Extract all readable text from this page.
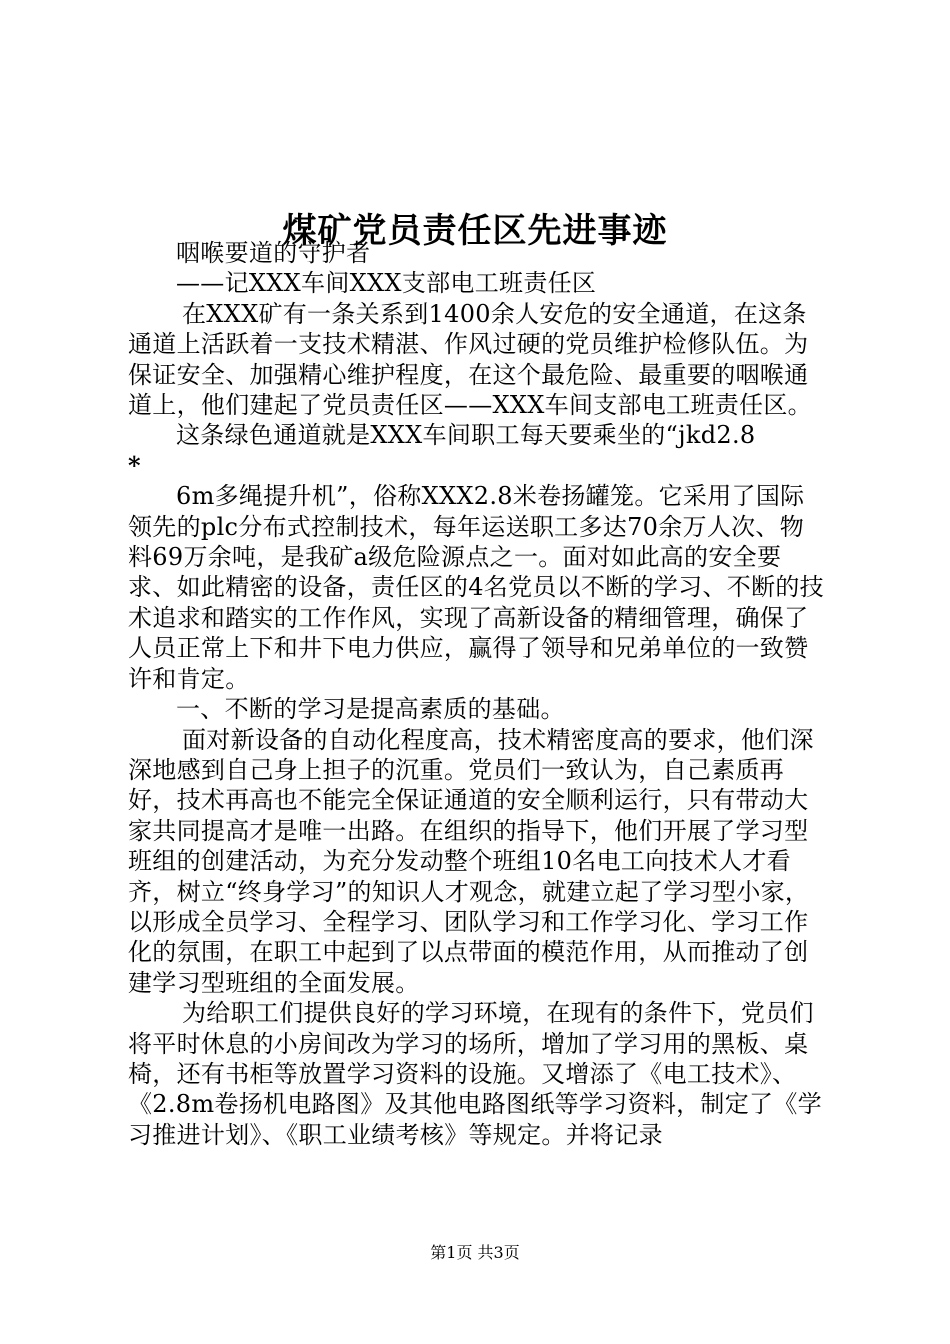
煤矿党员责任区先进事迹

咽喉要道的守护者

——记XXX车间XXX支部电工班责任区

在XXX矿有一条关系到1400余人安危的安全通道，在这条通道上活跃着一支技术精湛、作风过硬的党员维护检修队伍。为保证安全、加强精心维护程度，在这个最危险、最重要的咽喉通道上，他们建起了党员责任区——XXX车间支部电工班责任区。

这条绿色通道就是XXX车间职工每天要乘坐的“jkd2.8

*

6m多绳提升机”，俗称XXX2.8米卷扬罐笼。它采用了国际领先的plc分布式控制技术，每年运送职工多达70余万人次、物料69万余吨，是我矿a级危险源点之一。面对如此高的安全要求、如此精密的设备，责任区的4名党员以不断的学习、不断的技术追求和踏实的工作作风，实现了高新设备的精细管理，确保了人员正常上下和井下电力供应，赢得了领导和兄弟单位的一致赞许和肯定。

一、不断的学习是提高素质的基础。

面对新设备的自动化程度高，技术精密度高的要求，他们深深地感到自己身上担子的沉重。党员们一致认为，自己素质再好，技术再高也不能完全保证通道的安全顺利运行，只有带动大家共同提高才是唯一出路。在组织的指导下，他们开展了学习型班组的创建活动，为充分发动整个班组10名电工向技术人才看齐，树立“终身学习”的知识人才观念，就建立起了学习型小家，以形成全员学习、全程学习、团队学习和工作学习化、学习工作化的氛围，在职工中起到了以点带面的模范作用，从而推动了创建学习型班组的全面发展。

为给职工们提供良好的学习环境，在现有的条件下，党员们将平时休息的小房间改为学习的场所，增加了学习用的黑板、桌椅，还有书柜等放置学习资料的设施。又增添了《电工技术》、《2.8m卷扬机电路图》及其他电路图纸等学习资料，制定了《学习推进计划》、《职工业绩考核》等规定。并将记录

第1页 共3页
